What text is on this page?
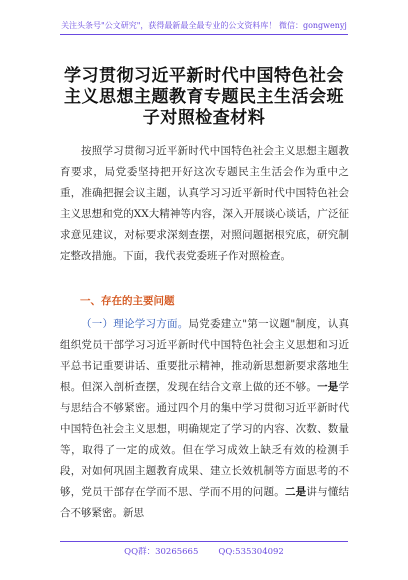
关注头条号"公文研究"，获得最新最全最专业的公文资料库！ 微信：gongwenyj
学习贯彻习近平新时代中国特色社会主义思想主题教育专题民主生活会班子对照检查材料
按照学习贯彻习近平新时代中国特色社会主义思想主题教育要求，局党委坚持把开好这次专题民主生活会作为重中之重，准确把握会议主题，认真学习习近平新时代中国特色社会主义思想和党的XX大精神等内容，深入开展谈心谈话，广泛征求意见建议，对标要求深刻查摆，对照问题据根究底，研究制定整改措施。下面，我代表党委班子作对照检查。
一、存在的主要问题
（一）理论学习方面。局党委建立"第一议题"制度，认真组织党员干部学习习近平新时代中国特色社会主义思想和习近平总书记重要讲话、重要批示精神，推动新思想新要求落地生根。但深入剖析查摆，发现在结合文章上做的还不够。一是学与思结合不够紧密。通过四个月的集中学习贯彻习近平新时代中国特色社会主义思想，明确规定了学习的内容、次数、数量等，取得了一定的成效。但在学习成效上缺乏有效的检测手段，对如何巩固主题教育成果、建立长效机制等方面思考的不够，党员干部存在学而不思、学而不用的问题。二是讲与懂结合不够紧密。新思
QQ群：30265665 QQ:535304092
